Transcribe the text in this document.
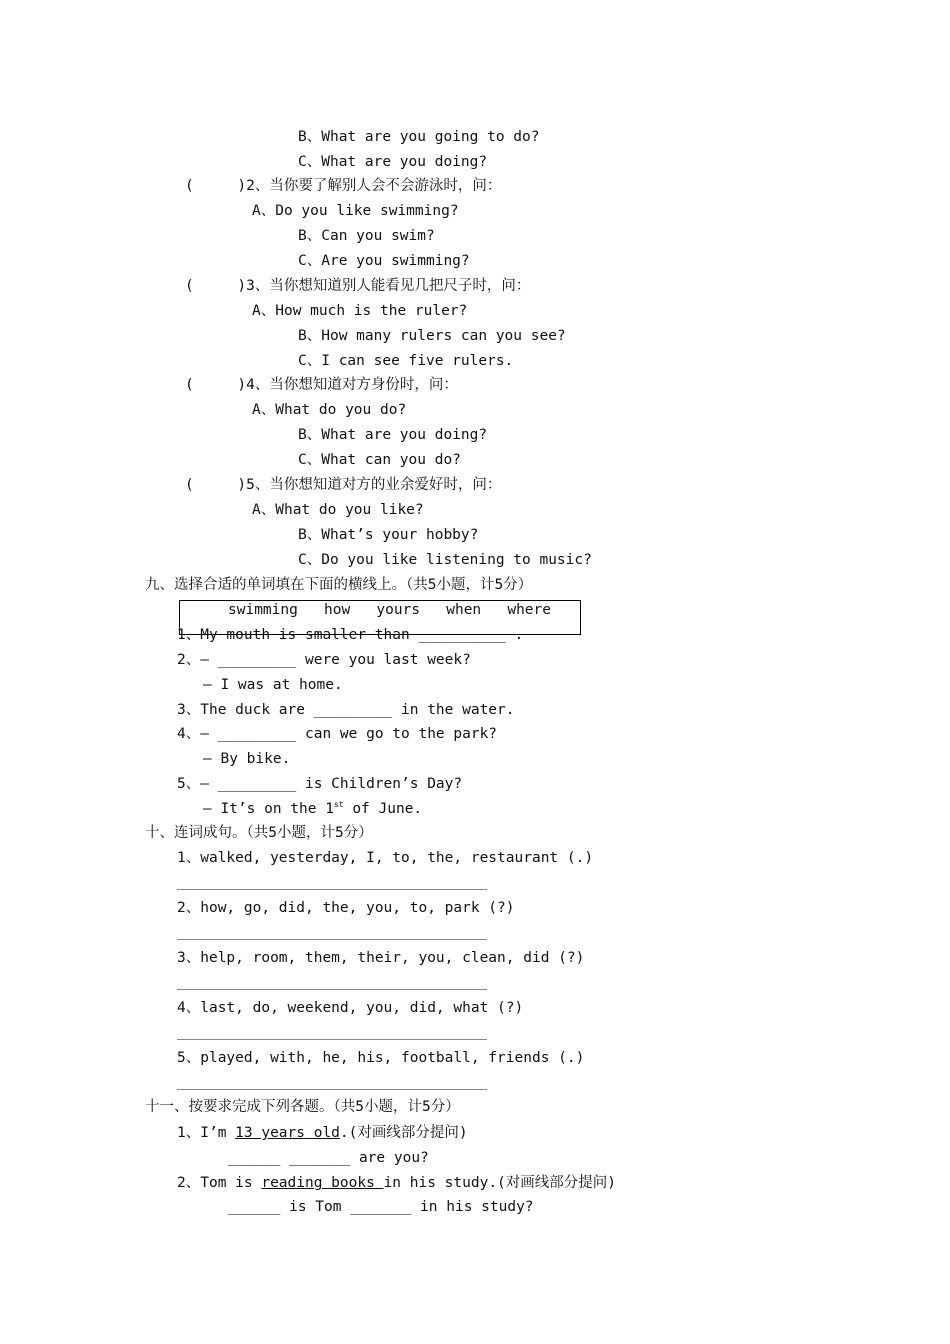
B、What are you going to do?
C、What are you doing?
(     )2、当你要了解别人会不会游泳时，问：
A、Do you like swimming?
B、Can you swim?
C、Are you swimming?
(     )3、当你想知道别人能看见几把尺子时，问：
A、How much is the ruler?
B、How many rulers can you see?
C、I can see five rulers.
(     )4、当你想知道对方身份时，问：
A、What do you do?
B、What are you doing?
C、What can you do?
(     )5、当你想知道对方的业余爱好时，问：
A、What do you like?
B、What’s your hobby?
C、Do you like listening to music?
九、选择合适的单词填在下面的横线上。（共5小题，计5分）
swimming   how   yours   when   where
1、My mouth is smaller than __________ .
2、— _________ were you last week?
— I was at home.
3、The duck are _________ in the water.
4、— _________ can we go to the park?
— By bike.
5、— _________ is Children’s Day?
— It’s on the 1st of June.
十、连词成句。（共5小题，计5分）
1、walked, yesterday, I, to, the, restaurant (.)
2、how, go, did, the, you, to, park (?)
3、help, room, them, their, you, clean, did (?)
4、last, do, weekend, you, did, what (?)
5、played, with, he, his, football, friends (.)
十一、按要求完成下列各题。（共5小题，计5分）
1、I’m 13 years old.(对画线部分提问)
______ _______ are you?
2、Tom is reading books in his study.(对画线部分提问)
______ is Tom _______ in his study?
